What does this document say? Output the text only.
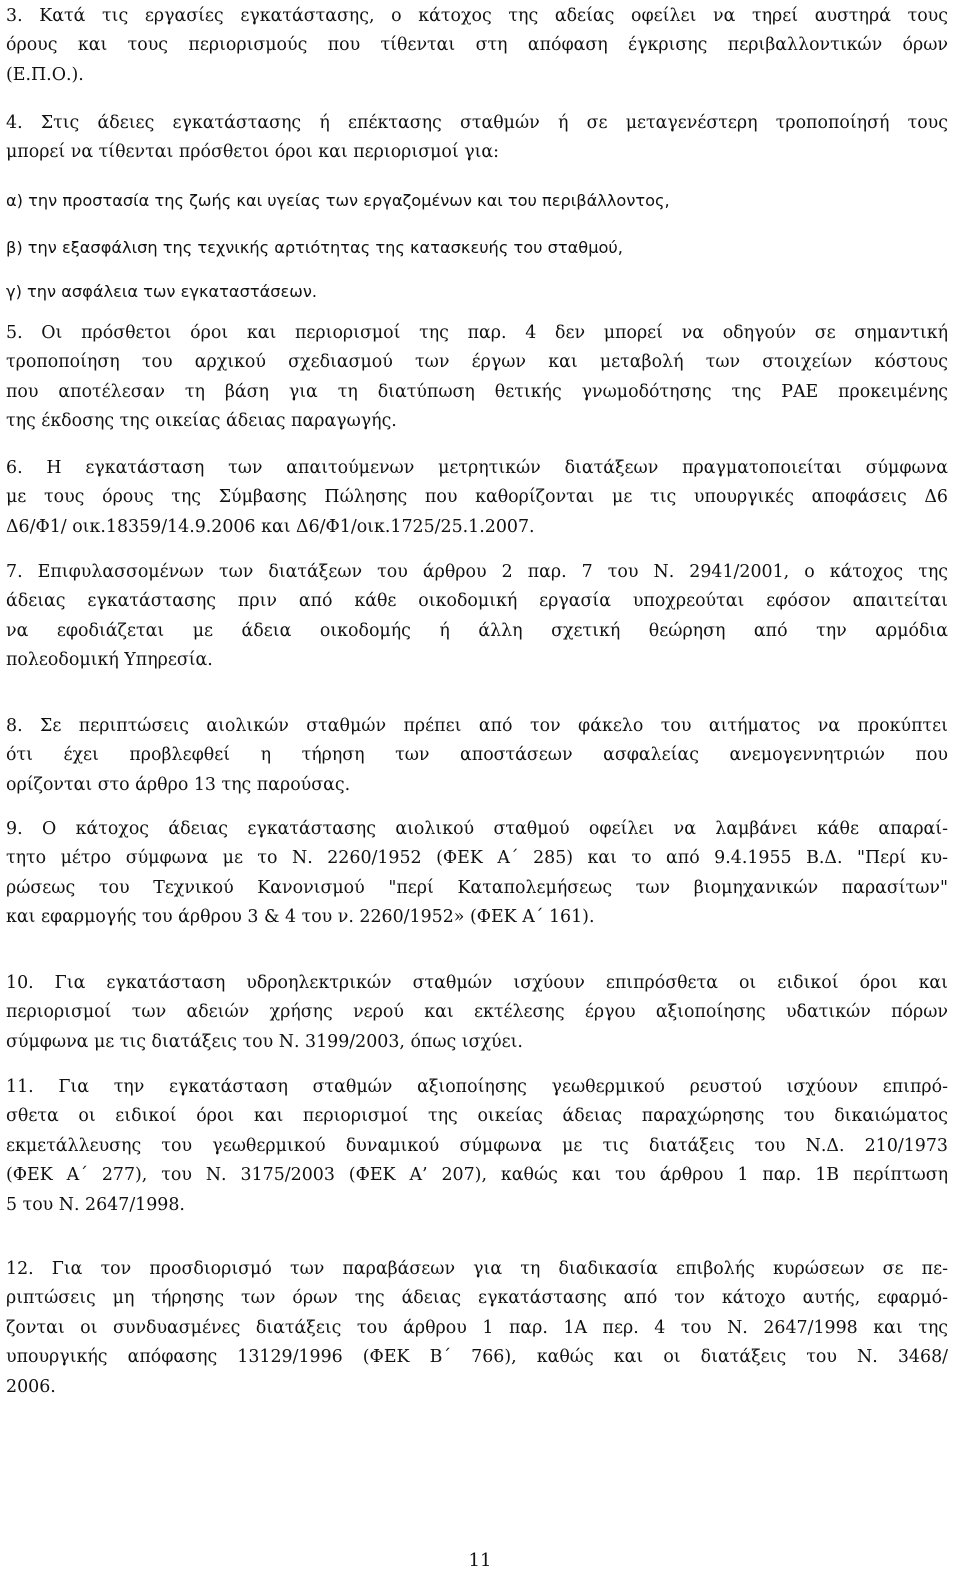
3. Κατά τις εργασίες εγκατάστασης, ο κάτοχος της αδείας οφείλει να τηρεί αυστηρά τους
όρους και τους περιορισμούς που τίθενται στη απόφαση έγκρισης περιβαλλοντικών όρων
(Ε.Π.Ο.).
4. Στις άδειες εγκατάστασης ή επέκτασης σταθμών ή σε μεταγενέστερη τροποποίησή τους
μπορεί να τίθενται πρόσθετοι όροι και περιορισμοί για:
α) την προστασία της ζωής και υγείας των εργαζομένων και του περιβάλλοντος,
β) την εξασφάλιση της τεχνικής αρτιότητας της κατασκευής του σταθμού,
γ) την ασφάλεια των εγκαταστάσεων.
5. Οι πρόσθετοι όροι και περιορισμοί της παρ. 4 δεν μπορεί να οδηγούν σε σημαντική
τροποποίηση του αρχικού σχεδιασμού των έργων και μεταβολή των στοιχείων κόστους
που αποτέλεσαν τη βάση για τη διατύπωση θετικής γνωμοδότησης της ΡΑΕ προκειμένης
της έκδοσης της οικείας άδειας παραγωγής.
6. Η εγκατάσταση των απαιτούμενων μετρητικών διατάξεων πραγματοποιείται σύμφωνα
με τους όρους της Σύμβασης Πώλησης που καθορίζονται με τις υπουργικές αποφάσεις Δ6
Δ6/Φ1/ οικ.18359/14.9.2006 και Δ6/Φ1/οικ.1725/25.1.2007.
7. Επιφυλασσομένων των διατάξεων του άρθρου 2 παρ. 7 του Ν. 2941/2001, ο κάτοχος της
άδειας εγκατάστασης πριν από κάθε οικοδομική εργασία υποχρεούται εφόσον απαιτείται
να εφοδιάζεται με άδεια οικοδομής ή άλλη σχετική θεώρηση από την αρμόδια
πολεοδομική Υπηρεσία.
8. Σε περιπτώσεις αιολικών σταθμών πρέπει από τον φάκελο του αιτήματος να προκύπτει
ότι έχει προβλεφθεί η τήρηση των αποστάσεων ασφαλείας ανεμογεννητριών που
ορίζονται στο άρθρο 13 της παρούσας.
9. Ο κάτοχος άδειας εγκατάστασης αιολικού σταθμού οφείλει να λαμβάνει κάθε απαραί-
τητο μέτρο σύμφωνα με το Ν. 2260/1952 (ΦΕΚ Α΄ 285) και το από 9.4.1955 Β.Δ. "Περί κυ-
ρώσεως του Τεχνικού Κανονισμού "περί Καταπολεμήσεως των βιομηχανικών παρασίτων"
και εφαρμογής του άρθρου 3 & 4 του ν. 2260/1952» (ΦΕΚ Α΄ 161).
10. Για εγκατάσταση υδροηλεκτρικών σταθμών ισχύουν επιπρόσθετα οι ειδικοί όροι και
περιορισμοί των αδειών χρήσης νερού και εκτέλεσης έργου αξιοποίησης υδατικών πόρων
σύμφωνα με τις διατάξεις του Ν. 3199/2003, όπως ισχύει.
11. Για την εγκατάσταση σταθμών αξιοποίησης γεωθερμικού ρευστού ισχύουν επιπρό-
σθετα οι ειδικοί όροι και περιορισμοί της οικείας άδειας παραχώρησης του δικαιώματος
εκμετάλλευσης του γεωθερμικού δυναμικού σύμφωνα με τις διατάξεις του Ν.Δ. 210/1973
(ΦΕΚ Α΄ 277), του Ν. 3175/2003 (ΦΕΚ Α’ 207), καθώς και του άρθρου 1 παρ. 1Β περίπτωση
5 του Ν. 2647/1998.
12. Για τον προσδιορισμό των παραβάσεων για τη διαδικασία επιβολής κυρώσεων σε πε-
ριπτώσεις μη τήρησης των όρων της άδειας εγκατάστασης από τον κάτοχο αυτής, εφαρμό-
ζονται οι συνδυασμένες διατάξεις του άρθρου 1 παρ. 1Α περ. 4 του Ν. 2647/1998 και της
υπουργικής απόφασης 13129/1996 (ΦΕΚ Β΄ 766), καθώς και οι διατάξεις του Ν. 3468/
2006.
11
